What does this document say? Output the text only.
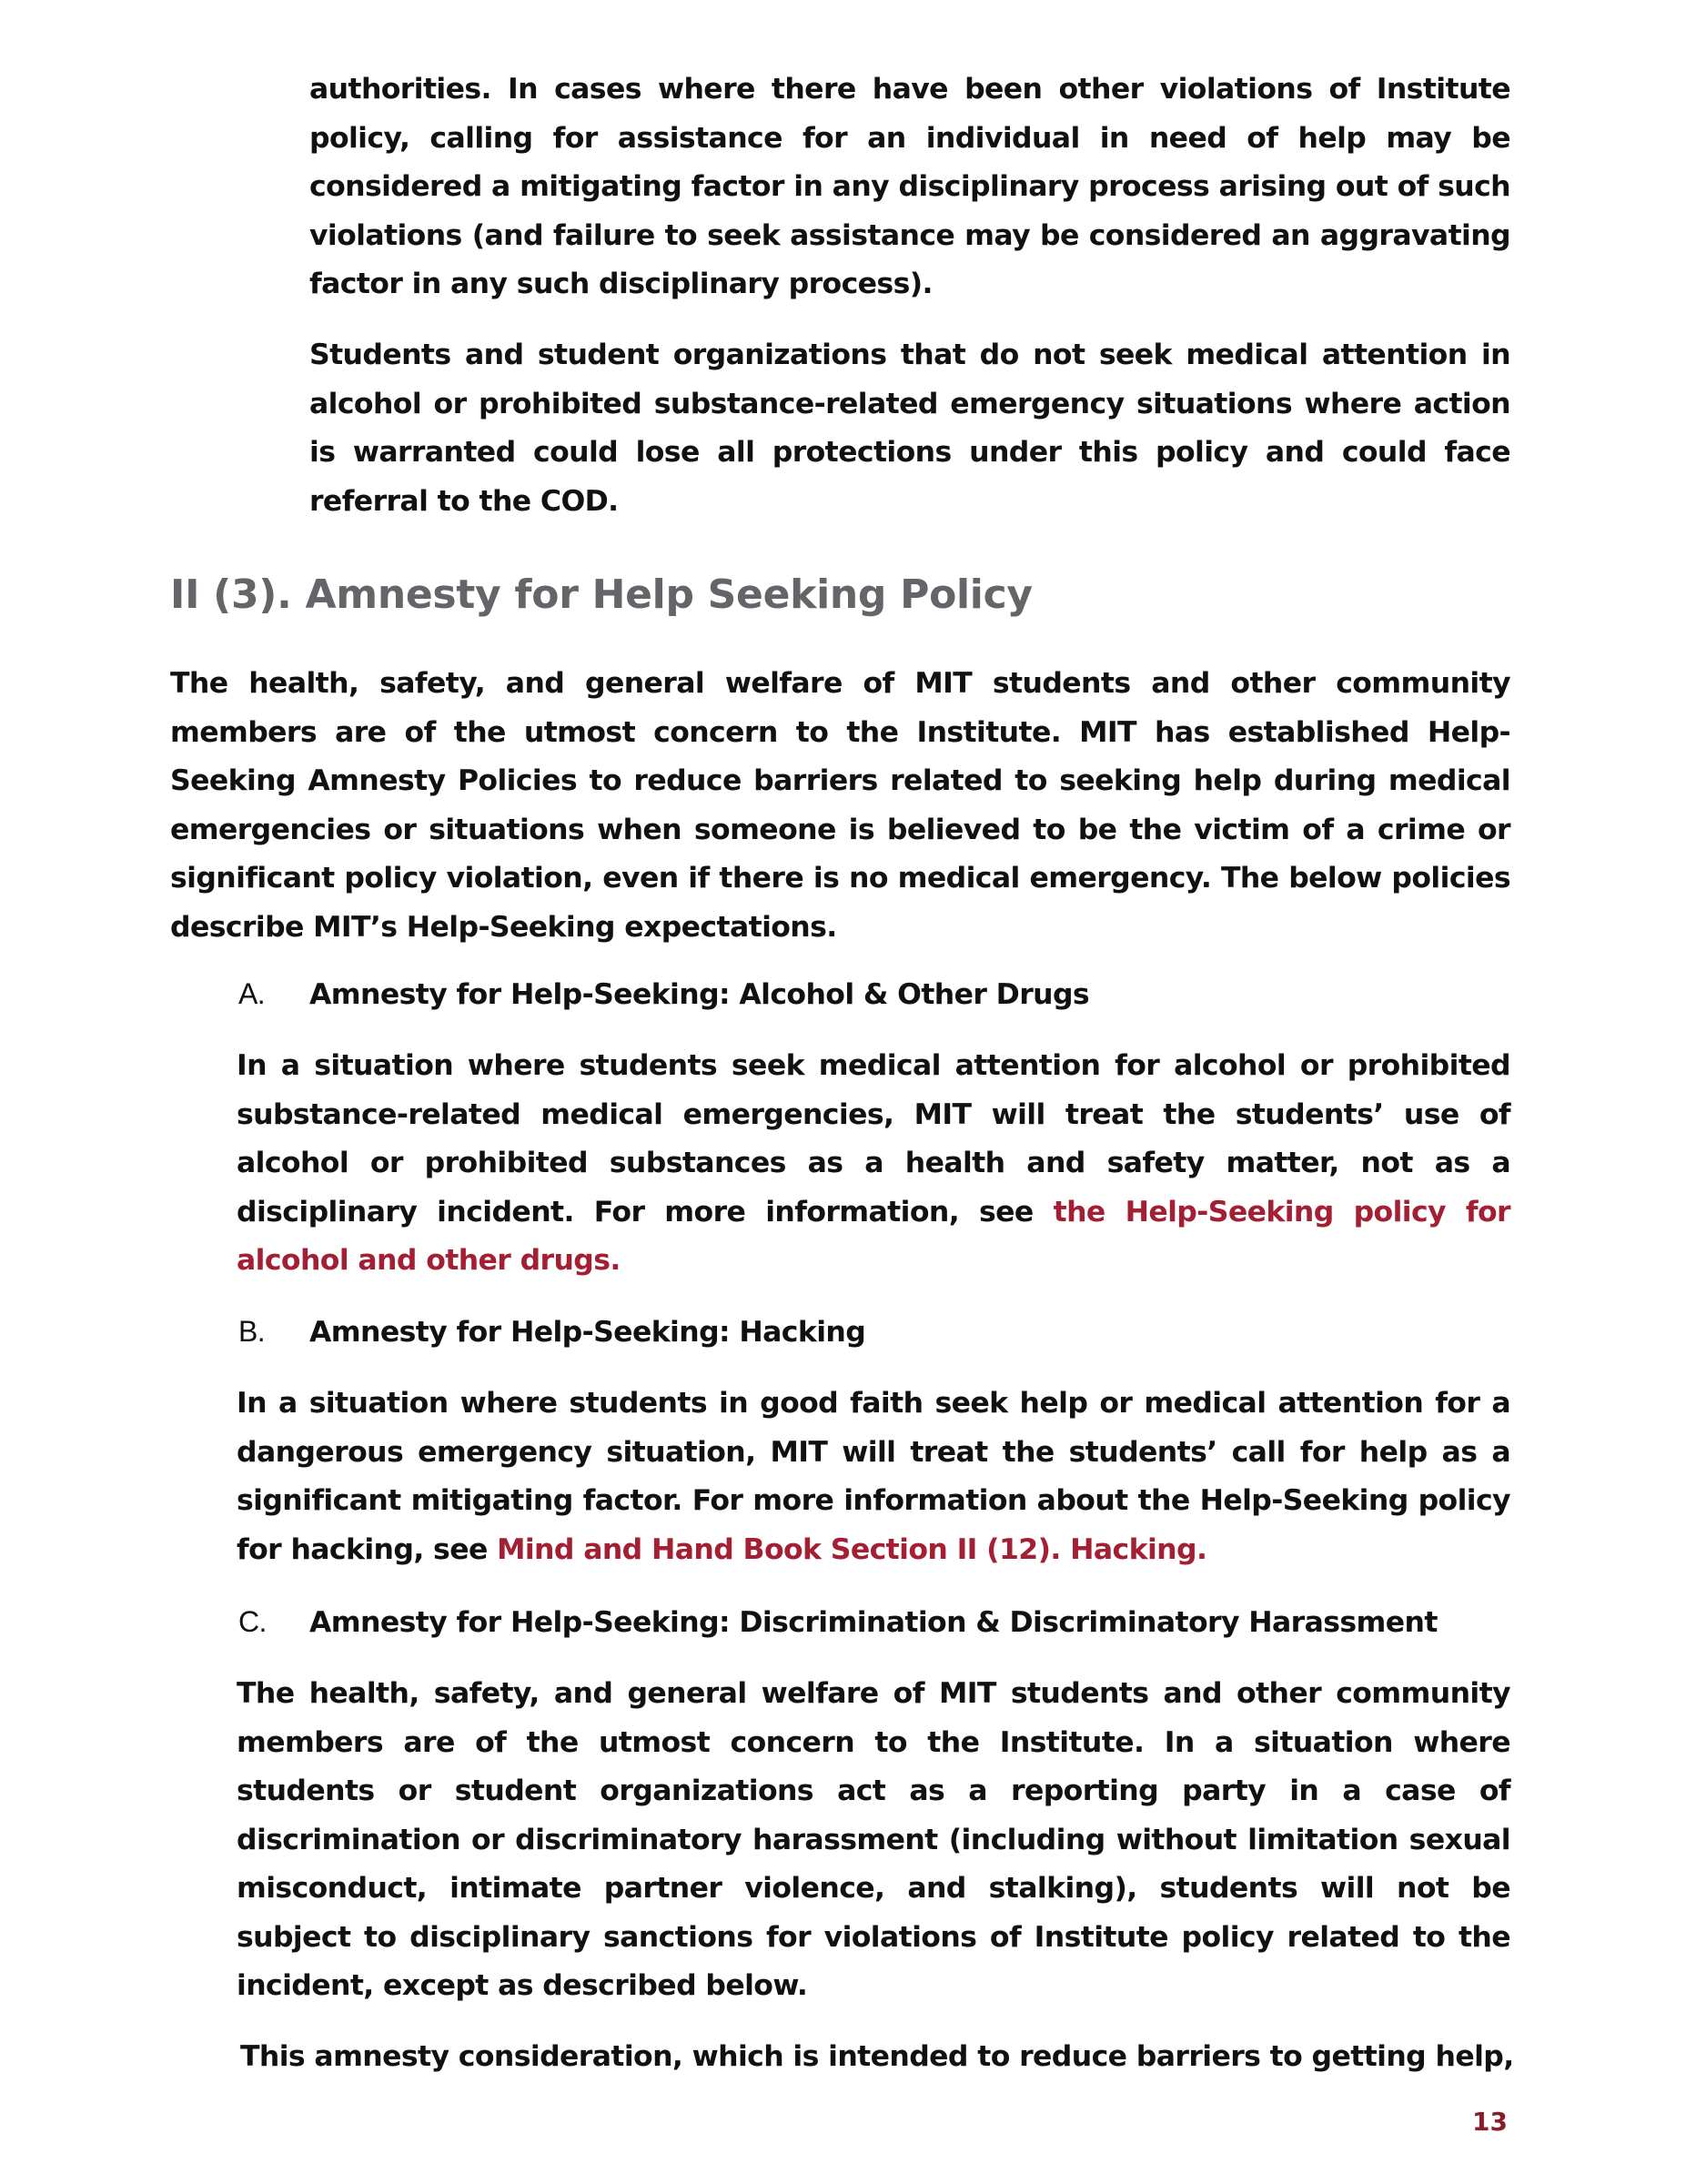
authorities. In cases where there have been other violations of Institute policy, calling for assistance for an individual in need of help may be considered a mitigating factor in any disciplinary process arising out of such violations (and failure to seek assistance may be considered an aggravating factor in any such disciplinary process).

Students and student organizations that do not seek medical attention in alcohol or prohibited substance-related emergency situations where action is warranted could lose all protections under this policy and could face referral to the COD.

II (3). Amnesty for Help Seeking Policy

The health, safety, and general welfare of MIT students and other community members are of the utmost concern to the Institute. MIT has established Help-Seeking Amnesty Policies to reduce barriers related to seeking help during medical emergencies or situations when someone is believed to be the victim of a crime or significant policy violation, even if there is no medical emergency. The below policies describe MIT’s Help-Seeking expectations.

A. Amnesty for Help-Seeking: Alcohol & Other Drugs

In a situation where students seek medical attention for alcohol or prohibited substance-related medical emergencies, MIT will treat the students’ use of alcohol or prohibited substances as a health and safety matter, not as a disciplinary incident. For more information, see the Help-Seeking policy for alcohol and other drugs.

B. Amnesty for Help-Seeking: Hacking

In a situation where students in good faith seek help or medical attention for a dangerous emergency situation, MIT will treat the students’ call for help as a significant mitigating factor. For more information about the Help-Seeking policy for hacking, see Mind and Hand Book Section II (12). Hacking.

C. Amnesty for Help-Seeking: Discrimination & Discriminatory Harassment

The health, safety, and general welfare of MIT students and other community members are of the utmost concern to the Institute. In a situation where students or student organizations act as a reporting party in a case of discrimination or discriminatory harassment (including without limitation sexual misconduct, intimate partner violence, and stalking), students will not be subject to disciplinary sanctions for violations of Institute policy related to the incident, except as described below.

This amnesty consideration, which is intended to reduce barriers to getting help,

13
